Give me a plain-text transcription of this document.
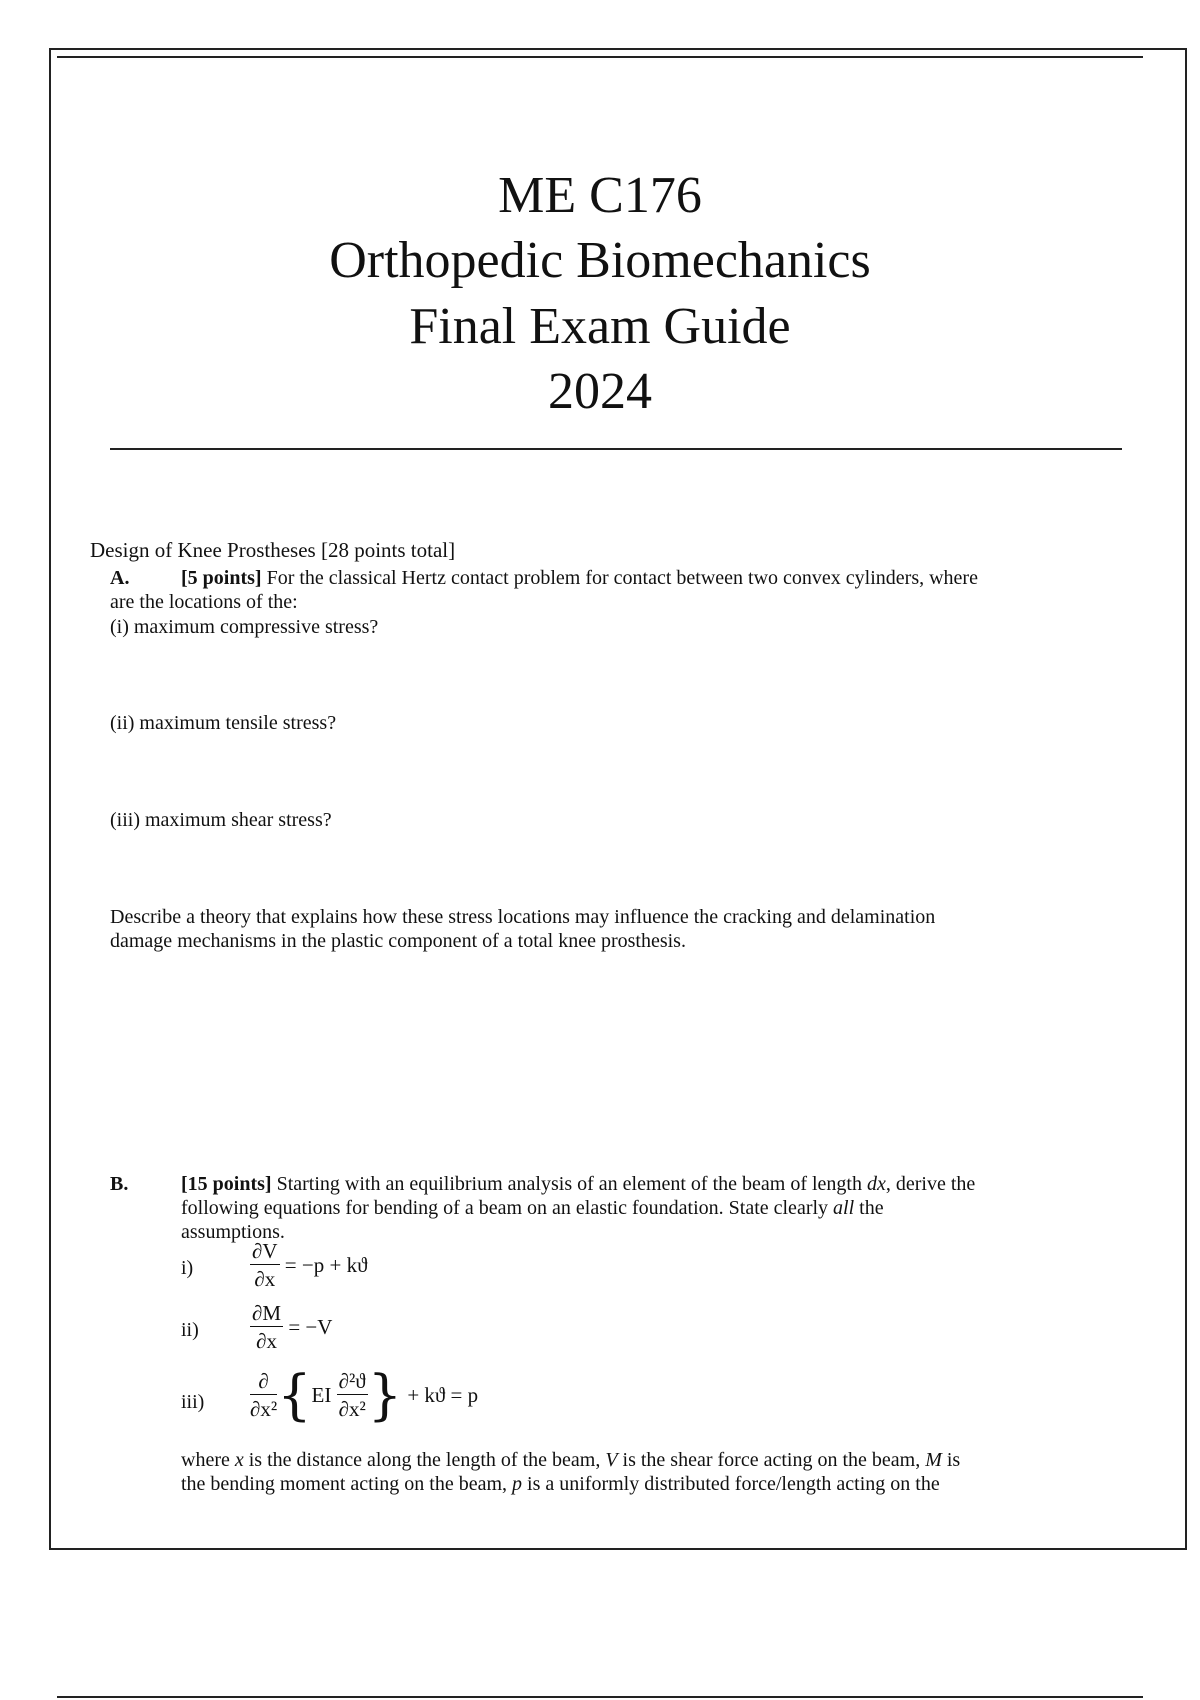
ME C176
Orthopedic Biomechanics
Final Exam Guide
2024
Design of Knee Prostheses [28 points total]
A.	[5 points] For the classical Hertz contact problem for contact between two convex cylinders, where
are the locations of the:
(i) maximum compressive stress?
(ii) maximum tensile stress?
(iii) maximum shear stress?
Describe a theory that explains how these stress locations may influence the cracking and delamination
damage mechanisms in the plastic component of a total knee prosthesis.
B.	[15 points] Starting with an equilibrium analysis of an element of the beam of length dx, derive the
following equations for bending of a beam on an elastic foundation. State clearly all the
assumptions.
i)	$\frac{\partial V}{\partial x} = -p + kϑ$
$ii) \frac{\partial M}{\partial x} = -V$
$iii) \frac{\partial}{\text{∂x²}} \{EI \frac{\text{∂²ϑ}}{\text{∂x²}}$ } + kϑ = p
where x is the distance along the length of the beam, V is the shear force acting on the beam, M is
the bending moment acting on the beam, p is a uniformly distributed force/length acting on the
